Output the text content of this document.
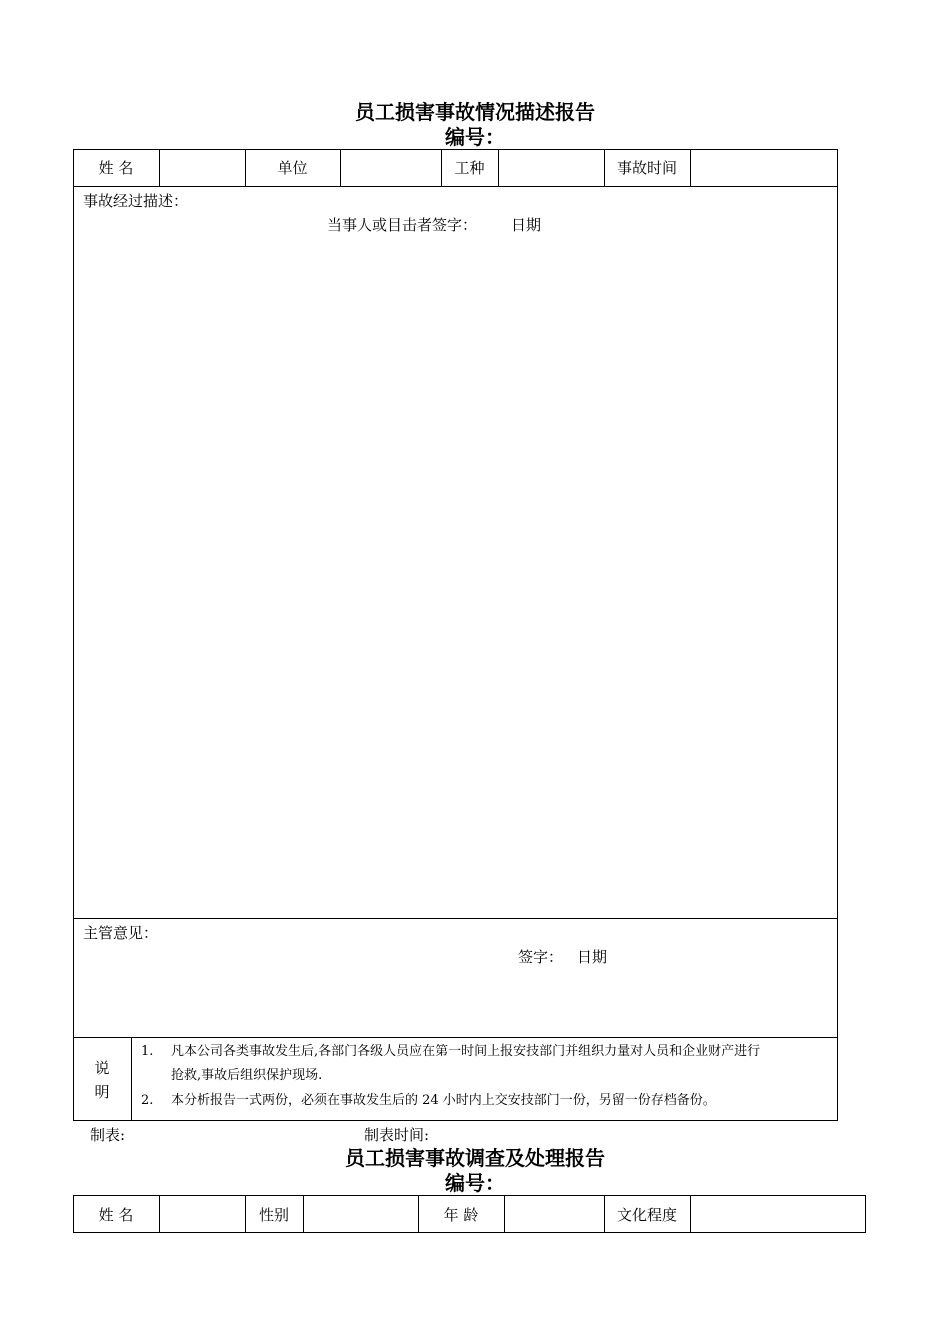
员工损害事故情况描述报告
编号：
姓 名	单位	工种	事故时间
事故经过描述：
当事人或目击者签字： 日期
主管意见：
签字： 日期
说
明
1. 凡本公司各类事故发生后,各部门各级人员应在第一时间上报安技部门并组织力量对人员和企业财产进行
抢救,事故后组织保护现场.
2. 本分析报告一式两份，必须在事故发生后的 24 小时内上交安技部门一份，另留一份存档备份。
制表:	制表时间:
员工损害事故调查及处理报告
编号：
姓 名	性别	年 龄	文化程度
